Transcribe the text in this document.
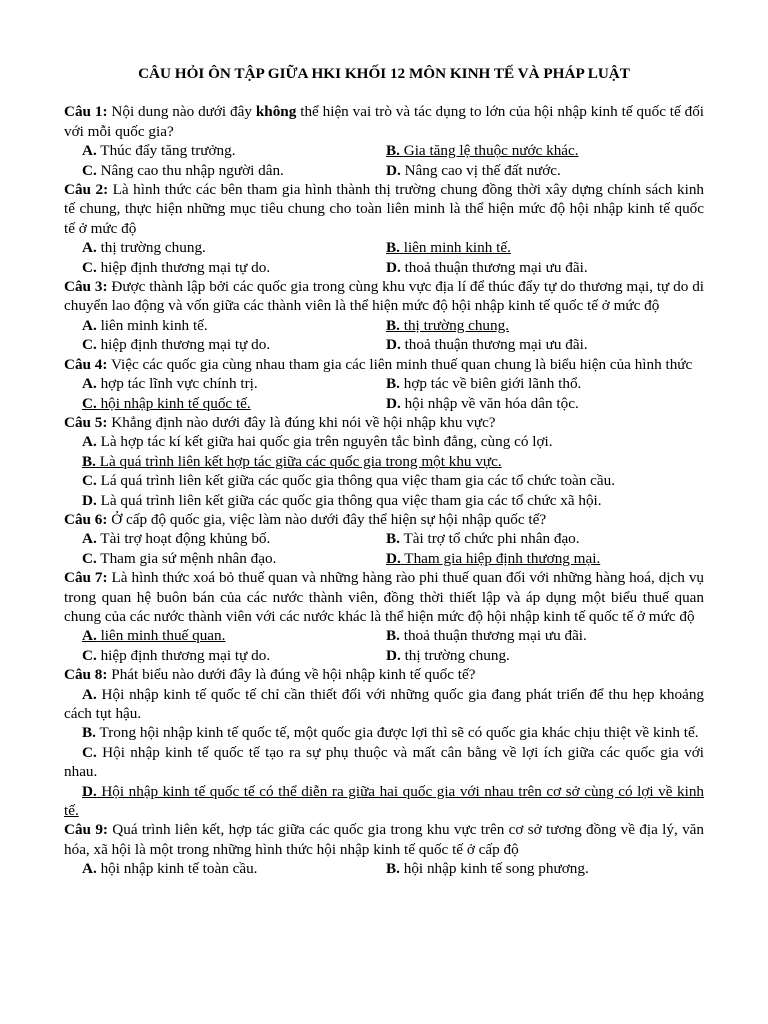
CÂU HỎI ÔN TẬP GIỮA HKI KHỐI 12 MÔN KINH TẾ VÀ PHÁP LUẬT

Câu 1: Nội dung nào dưới đây không thể hiện vai trò và tác dụng to lớn của hội nhập kinh tế quốc tế đối với mỗi quốc gia?

A. Thúc đẩy tăng trưởng.	B. Gia tăng lệ thuộc nước khác.
C. Nâng cao thu nhập người dân.	D. Nâng cao vị thế đất nước.

Câu 2: Là hình thức các bên tham gia hình thành thị trường chung đồng thời xây dựng chính sách kinh tế chung, thực hiện những mục tiêu chung cho toàn liên minh là thể hiện mức độ hội nhập kinh tế quốc tế ở mức độ

A. thị trường chung.	B. liên minh kinh tế.
C. hiệp định thương mại tự do.	D. thoả thuận thương mại ưu đãi.

Câu 3: Được thành lập bởi các quốc gia trong cùng khu vực địa lí để thúc đẩy tự do thương mại, tự do di chuyển lao động và vốn giữa các thành viên là thể hiện mức độ hội nhập kinh tế quốc tế ở mức độ

A. liên minh kinh tế.	B. thị trường chung.
C. hiệp định thương mại tự do.	D. thoả thuận thương mại ưu đãi.

Câu 4: Việc các quốc gia cùng nhau tham gia các liên minh thuế quan chung là biểu hiện của hình thức

A. hợp tác lĩnh vực chính trị.	B. hợp tác về biên giới lãnh thổ.
C. hội nhập kinh tế quốc tế.	D. hội nhập về văn hóa dân tộc.

Câu 5: Khẳng định nào dưới đây là đúng khi nói về hội nhập khu vực?

A. Là hợp tác kí kết giữa hai quốc gia trên nguyên tắc bình đẳng, cùng có lợi.

B. Là quá trình liên kết hợp tác giữa các quốc gia trong một khu vực.

C. Lá quá trình liên kết giữa các quốc gia thông qua việc tham gia các tổ chức toàn cầu.

D. Là quá trình liên kết giữa các quốc gia thông qua việc tham gia các tổ chức xã hội.

Câu 6: Ở cấp độ quốc gia, việc làm nào dưới đây thể hiện sự hội nhập quốc tế?

A. Tài trợ hoạt động khủng bố.	B. Tài trợ tổ chức phi nhân đạo.
C. Tham gia sứ mệnh nhân đạo.	D. Tham gia hiệp định thương mại.

Câu 7: Là hình thức xoá bỏ thuế quan và những hàng rào phi thuế quan đối với những hàng hoá, dịch vụ trong quan hệ buôn bán của các nước thành viên, đồng thời thiết lập và áp dụng một biểu thuế quan chung của các nước thành viên với các nước khác là thể hiện mức độ hội nhập kinh tế quốc tế ở mức độ

A. liên minh thuế quan.	B. thoả thuận thương mại ưu đãi.
C. hiệp định thương mại tự do.	D. thị trường chung.

Câu 8: Phát biểu nào dưới đây là đúng về hội nhập kinh tế quốc tế?

A. Hội nhập kinh tế quốc tế chỉ cần thiết đối với những quốc gia đang phát triển để thu hẹp khoảng cách tụt hậu.

B. Trong hội nhập kinh tế quốc tế, một quốc gia được lợi thì sẽ có quốc gia khác chịu thiệt về kinh tế.

C. Hội nhập kinh tế quốc tế tạo ra sự phụ thuộc và mất cân bằng về lợi ích giữa các quốc gia với nhau.

D. Hội nhập kinh tế quốc tế có thể diễn ra giữa hai quốc gia với nhau trên cơ sở cùng có lợi về kinh tế.

Câu 9: Quá trình liên kết, hợp tác giữa các quốc gia trong khu vực trên cơ sở tương đồng về địa lý, văn hóa, xã hội là một trong những hình thức hội nhập kinh tế quốc tế ở cấp độ

A. hội nhập kinh tế toàn cầu.	B. hội nhập kinh tế song phương.
